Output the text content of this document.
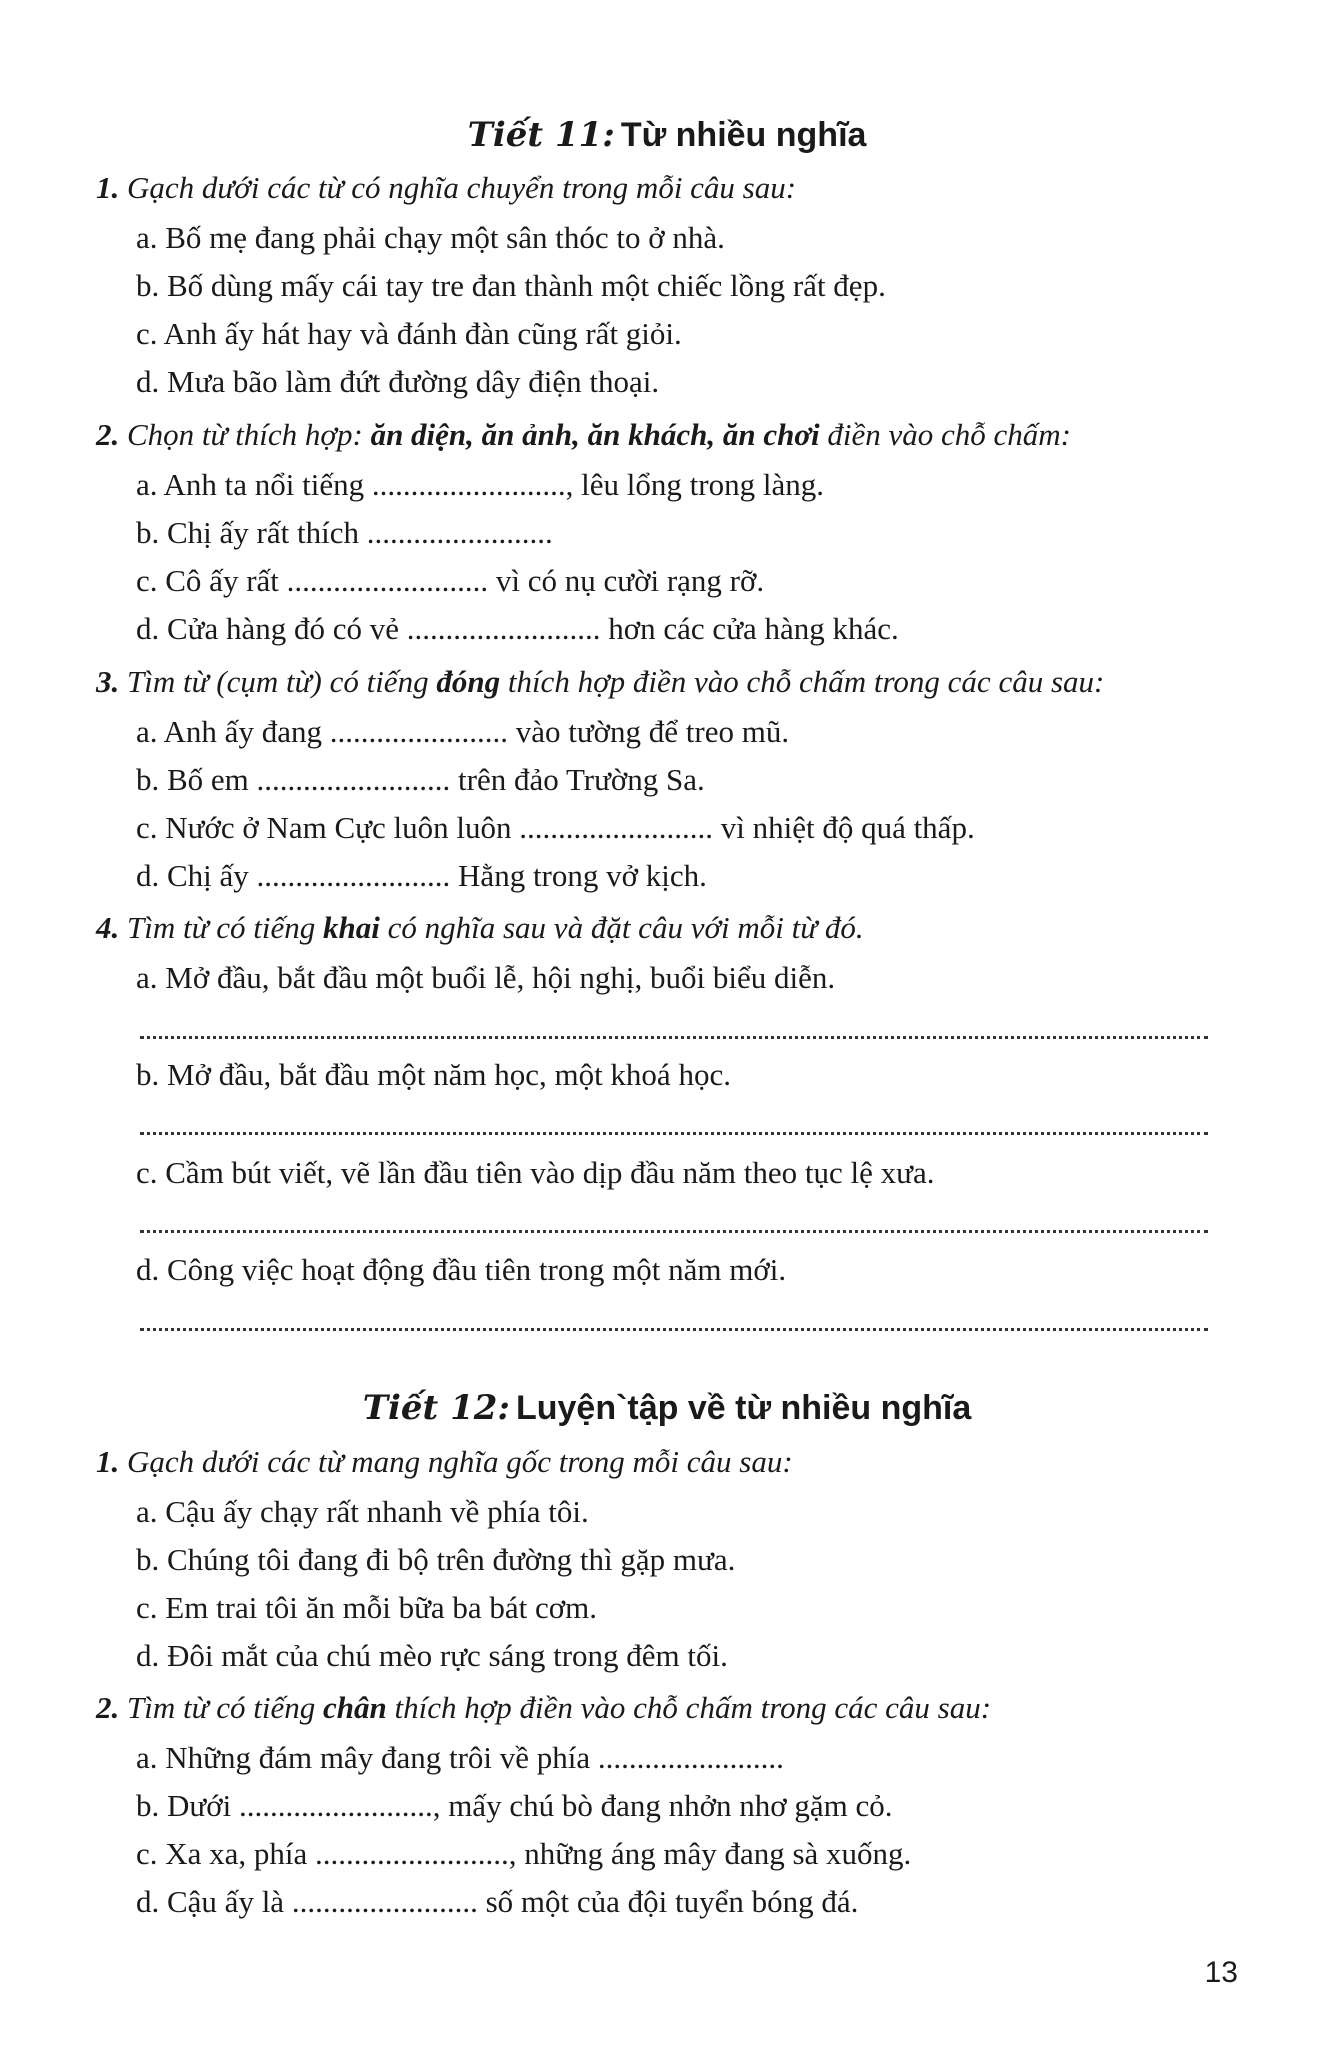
Tiết 11: Từ nhiều nghĩa
1. Gạch dưới các từ có nghĩa chuyển trong mỗi câu sau:
a. Bố mẹ đang phải chạy một sân thóc to ở nhà.
b. Bố dùng mấy cái tay tre đan thành một chiếc lồng rất đẹp.
c. Anh ấy hát hay và đánh đàn cũng rất giỏi.
d. Mưa bão làm đứt đường dây điện thoại.
2. Chọn từ thích hợp: ăn diện, ăn ảnh, ăn khách, ăn chơi điền vào chỗ chấm:
a. Anh ta nổi tiếng ........................., lêu lổng trong làng.
b. Chị ấy rất thích ........................
c. Cô ấy rất .......................... vì có nụ cười rạng rỡ.
d. Cửa hàng đó có vẻ ......................... hơn các cửa hàng khác.
3. Tìm từ (cụm từ) có tiếng đóng thích hợp điền vào chỗ chấm trong các câu sau:
a. Anh ấy đang ....................... vào tường để treo mũ.
b. Bố em ......................... trên đảo Trường Sa.
c. Nước ở Nam Cực luôn luôn ......................... vì nhiệt độ quá thấp.
d. Chị ấy ......................... Hằng trong vở kịch.
4. Tìm từ có tiếng khai có nghĩa sau và đặt câu với mỗi từ đó.
a. Mở đầu, bắt đầu một buổi lễ, hội nghị, buổi biểu diễn.
b. Mở đầu, bắt đầu một năm học, một khoá học.
c. Cầm bút viết, vẽ lần đầu tiên vào dịp đầu năm theo tục lệ xưa.
d. Công việc hoạt động đầu tiên trong một năm mới.
Tiết 12: Luyện`tập về từ nhiều nghĩa
1. Gạch dưới các từ mang nghĩa gốc trong mỗi câu sau:
a. Cậu ấy chạy rất nhanh về phía tôi.
b. Chúng tôi đang đi bộ trên đường thì gặp mưa.
c. Em trai tôi ăn mỗi bữa ba bát cơm.
d. Đôi mắt của chú mèo rực sáng trong đêm tối.
2. Tìm từ có tiếng chân thích hợp điền vào chỗ chấm trong các câu sau:
a. Những đám mây đang trôi về phía ........................
b. Dưới ........................., mấy chú bò đang nhởn nhơ gặm cỏ.
c. Xa xa, phía ........................., những áng mây đang sà xuống.
d. Cậu ấy là ........................ số một của đội tuyển bóng đá.
13
